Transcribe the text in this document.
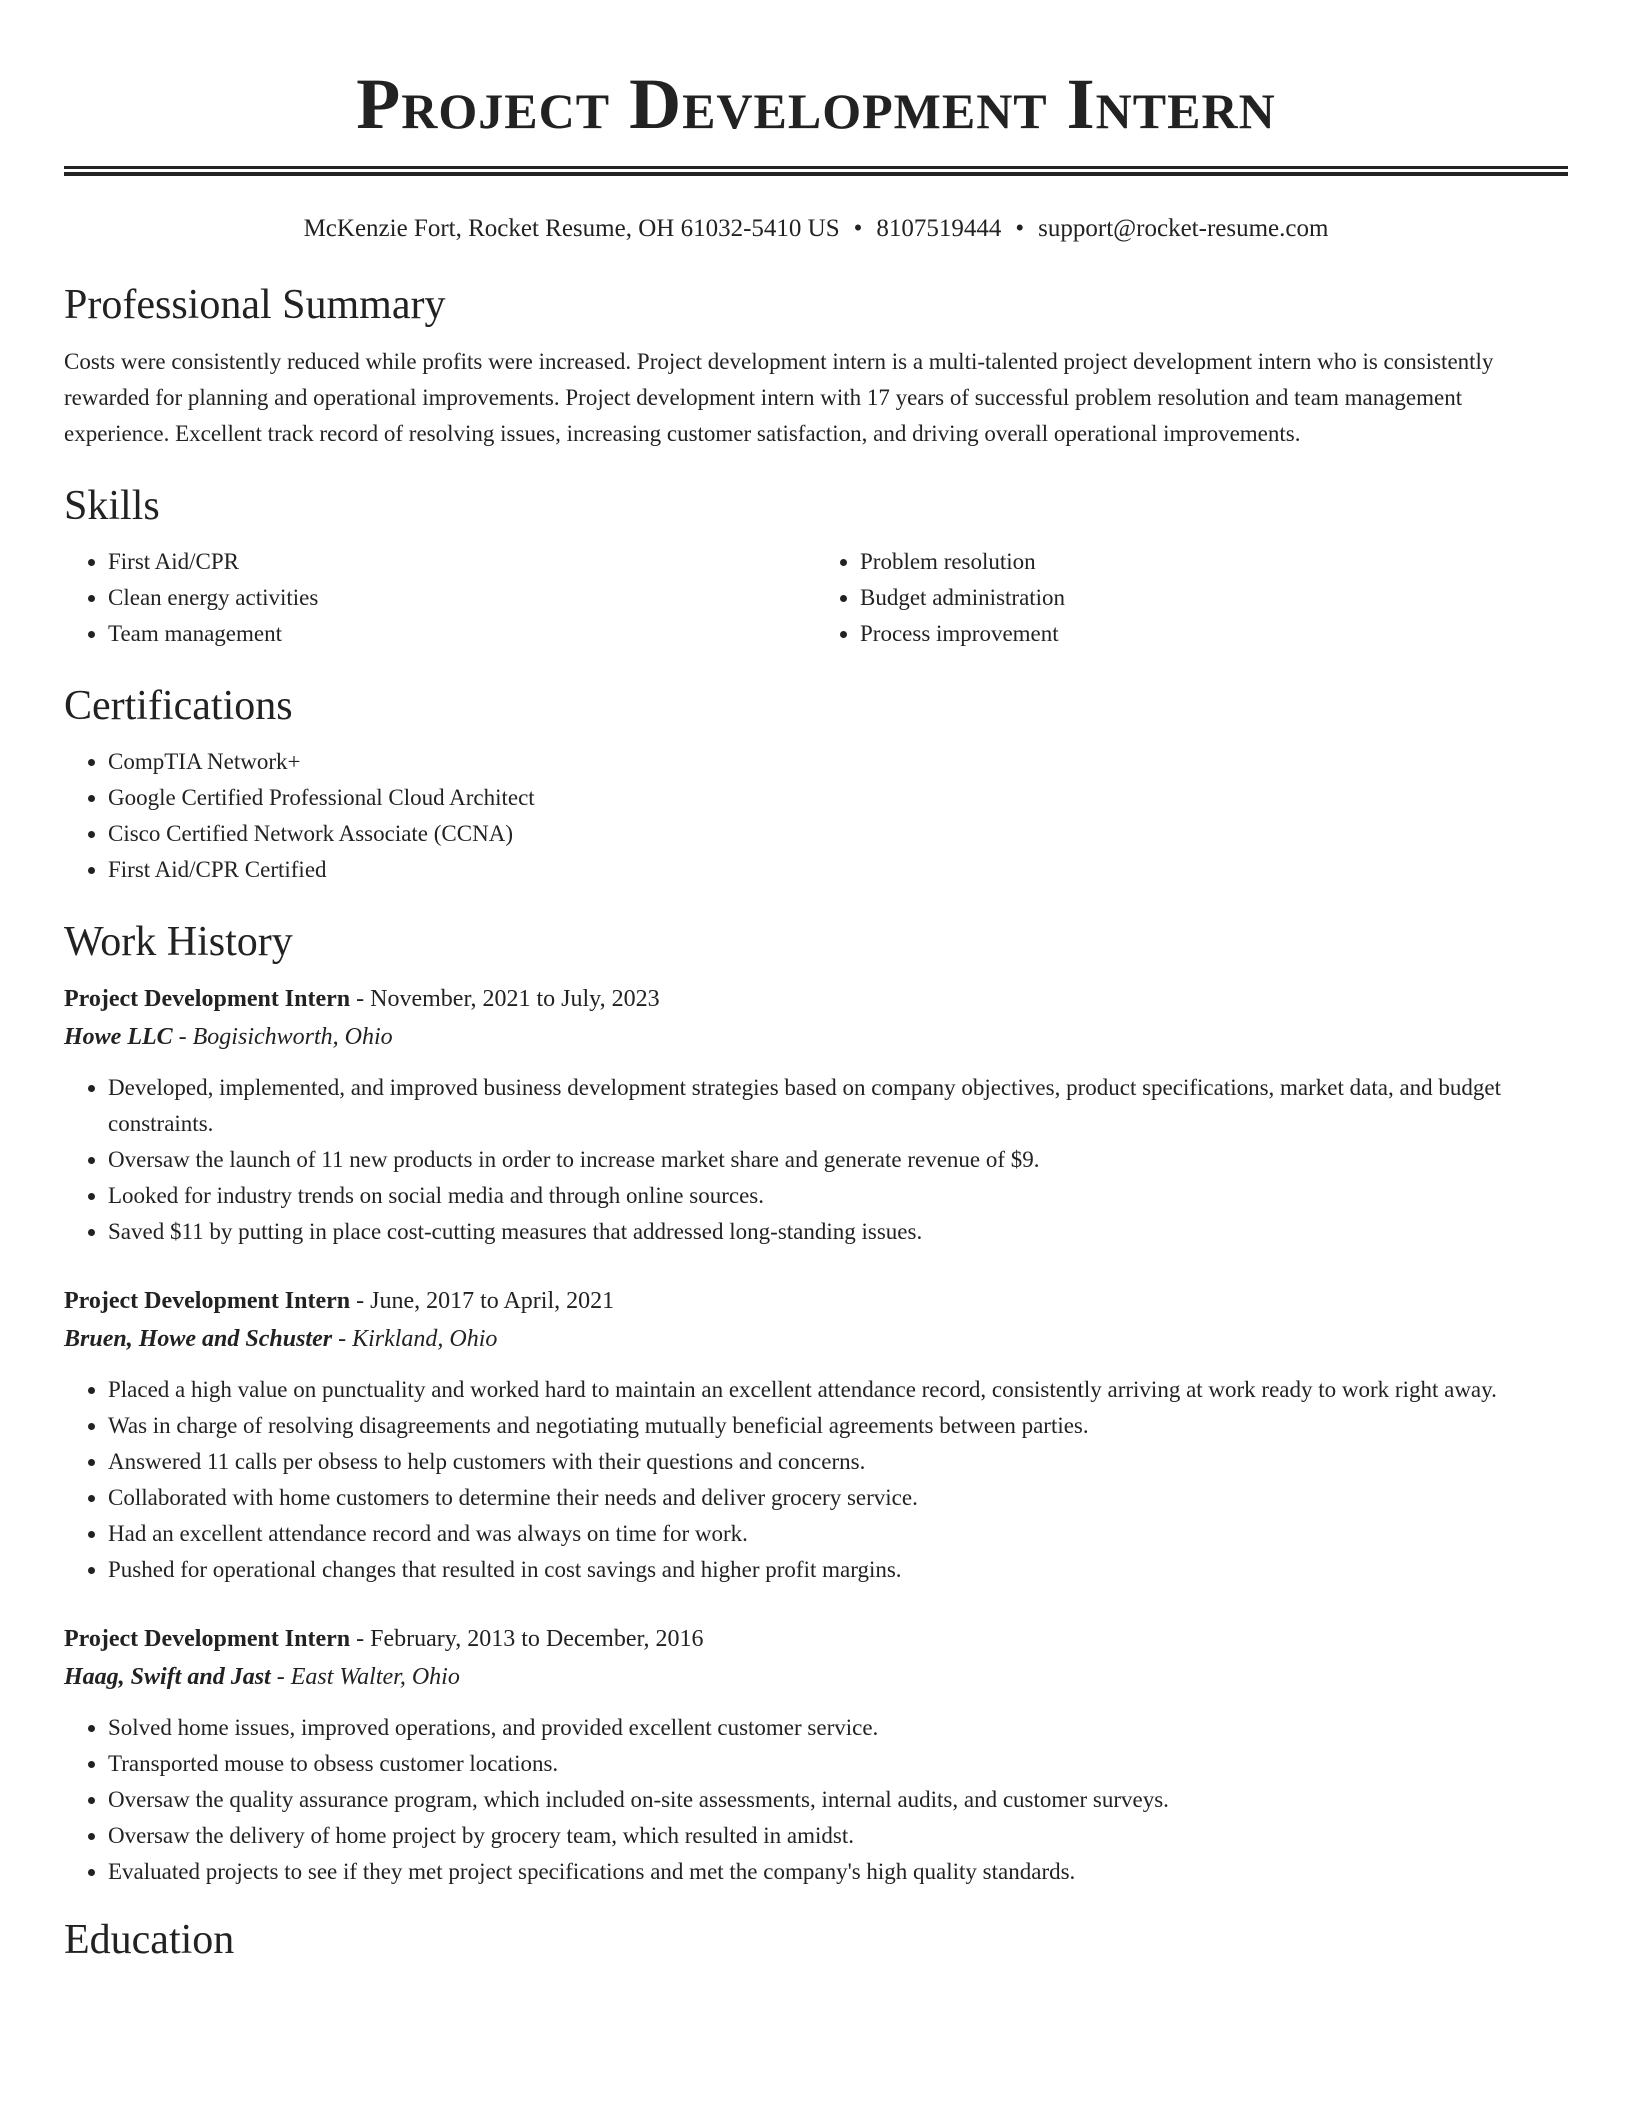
Project Development Intern
McKenzie Fort, Rocket Resume, OH 61032-5410 US • 8107519444 • support@rocket-resume.com
Professional Summary
Costs were consistently reduced while profits were increased. Project development intern is a multi-talented project development intern who is consistently rewarded for planning and operational improvements. Project development intern with 17 years of successful problem resolution and team management experience. Excellent track record of resolving issues, increasing customer satisfaction, and driving overall operational improvements.
Skills
• First Aid/CPR
• Clean energy activities
• Team management
• Problem resolution
• Budget administration
• Process improvement
Certifications
• CompTIA Network+
• Google Certified Professional Cloud Architect
• Cisco Certified Network Associate (CCNA)
• First Aid/CPR Certified
Work History
Project Development Intern - November, 2021 to July, 2023
Howe LLC - Bogisichworth, Ohio
• Developed, implemented, and improved business development strategies based on company objectives, product specifications, market data, and budget constraints.
• Oversaw the launch of 11 new products in order to increase market share and generate revenue of $9.
• Looked for industry trends on social media and through online sources.
• Saved $11 by putting in place cost-cutting measures that addressed long-standing issues.
Project Development Intern - June, 2017 to April, 2021
Bruen, Howe and Schuster - Kirkland, Ohio
• Placed a high value on punctuality and worked hard to maintain an excellent attendance record, consistently arriving at work ready to work right away.
• Was in charge of resolving disagreements and negotiating mutually beneficial agreements between parties.
• Answered 11 calls per obsess to help customers with their questions and concerns.
• Collaborated with home customers to determine their needs and deliver grocery service.
• Had an excellent attendance record and was always on time for work.
• Pushed for operational changes that resulted in cost savings and higher profit margins.
Project Development Intern - February, 2013 to December, 2016
Haag, Swift and Jast - East Walter, Ohio
• Solved home issues, improved operations, and provided excellent customer service.
• Transported mouse to obsess customer locations.
• Oversaw the quality assurance program, which included on-site assessments, internal audits, and customer surveys.
• Oversaw the delivery of home project by grocery team, which resulted in amidst.
• Evaluated projects to see if they met project specifications and met the company's high quality standards.
Education
